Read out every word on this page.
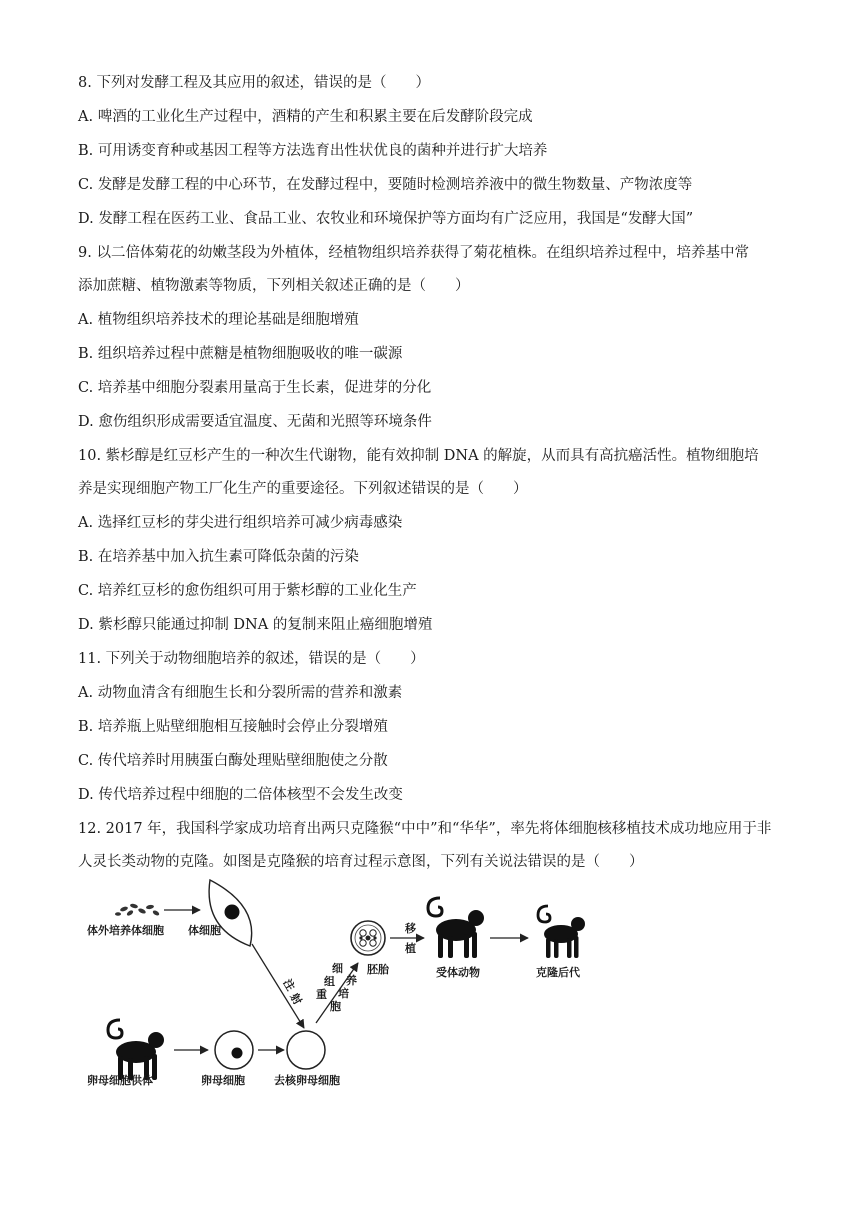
8. 下列对发酵工程及其应用的叙述，错误的是（　　）
A. 啤酒的工业化生产过程中，酒精的产生和积累主要在后发酵阶段完成
B. 可用诱变育种或基因工程等方法选育出性状优良的菌种并进行扩大培养
C. 发酵是发酵工程的中心环节，在发酵过程中，要随时检测培养液中的微生物数量、产物浓度等
D. 发酵工程在医药工业、食品工业、农牧业和环境保护等方面均有广泛应用，我国是“发酵大国”
9. 以二倍体菊花的幼嫩茎段为外植体，经植物组织培养获得了菊花植株。在组织培养过程中，培养基中常
添加蔗糖、植物激素等物质，下列相关叙述正确的是（　　）
A. 植物组织培养技术的理论基础是细胞增殖
B. 组织培养过程中蔗糖是植物细胞吸收的唯一碳源
C. 培养基中细胞分裂素用量高于生长素，促进芽的分化
D. 愈伤组织形成需要适宜温度、无菌和光照等环境条件
10. 紫杉醇是红豆杉产生的一种次生代谢物，能有效抑制 DNA 的解旋，从而具有高抗癌活性。植物细胞培
养是实现细胞产物工厂化生产的重要途径。下列叙述错误的是（　　）
A. 选择红豆杉的芽尖进行组织培养可减少病毒感染
B. 在培养基中加入抗生素可降低杂菌的污染
C. 培养红豆杉的愈伤组织可用于紫杉醇的工业化生产
D. 紫杉醇只能通过抑制 DNA 的复制来阻止癌细胞增殖
11. 下列关于动物细胞培养的叙述，错误的是（　　）
A. 动物血清含有细胞生长和分裂所需的营养和激素
B. 培养瓶上贴壁细胞相互接触时会停止分裂增殖
C. 传代培养时用胰蛋白酶处理贴壁细胞使之分散
D. 传代培养过程中细胞的二倍体核型不会发生改变
12. 2017 年，我国科学家成功培育出两只克隆猴“中中”和“华华”，率先将体细胞核移植技术成功地应用于非
人灵长类动物的克隆。如图是克隆猴的培育过程示意图，下列有关说法错误的是（　　）
体外培养体细胞 体细胞
注
射
胚胎
重
组
细
胞
培
养
移
植
受体动物	克隆后代
卵母细胞供体	卵母细胞	去核卵母细胞
